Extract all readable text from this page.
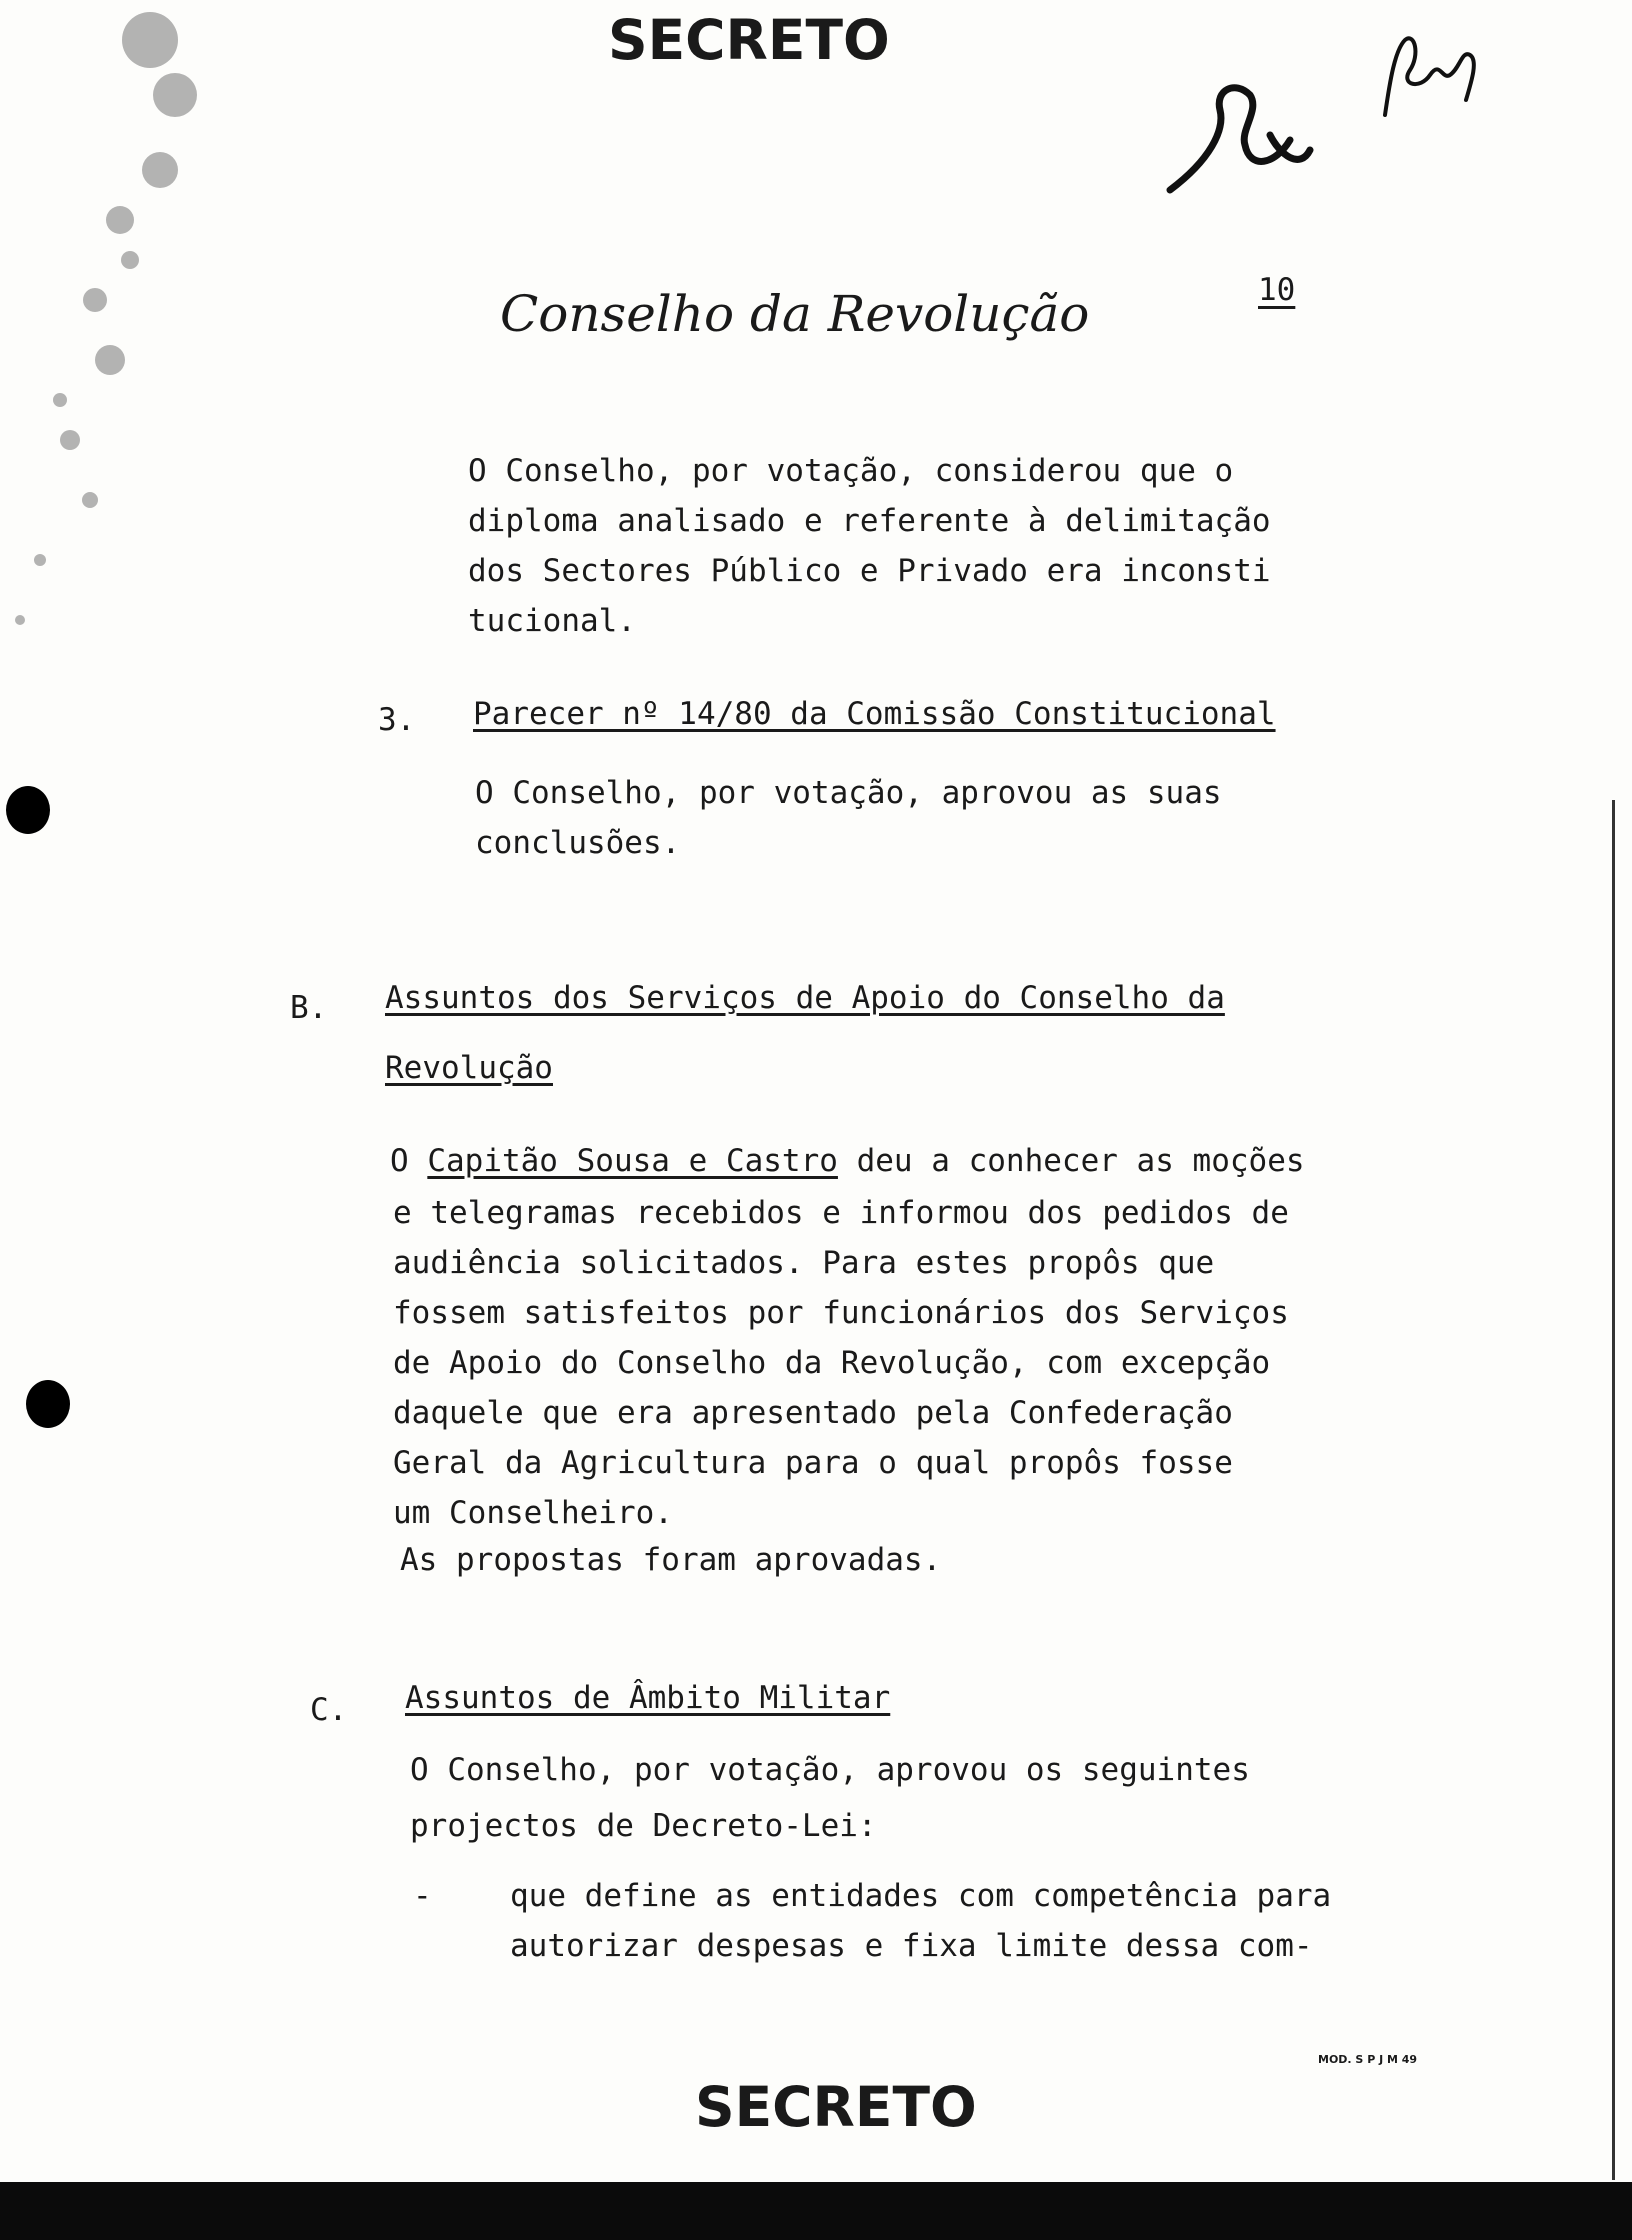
SECRETO
Conselho da Revolução	10
O Conselho, por votação, considerou que o
diploma analisado e referente à delimitação
dos Sectores Público e Privado era inconsti
tucional.
3. Parecer nº 14/80 da Comissão Constitucional
O Conselho, por votação, aprovou as suas
conclusões.
B. Assuntos dos Serviços de Apoio do Conselho da
Revolução
O Capitão Sousa e Castro deu a conhecer as moções
e telegramas recebidos e informou dos pedidos de
audiência solicitados. Para estes propôs que
fossem satisfeitos por funcionários dos Serviços
de Apoio do Conselho da Revolução, com excepção
daquele que era apresentado pela Confederação
Geral da Agricultura para o qual propôs fosse
um Conselheiro.
As propostas foram aprovadas.
C. Assuntos de Âmbito Militar
O Conselho, por votação, aprovou os seguintes
projectos de Decreto-Lei:
-	que define as entidades com competência para
autorizar despesas e fixa limite dessa com-
MOD. S P J M 49
SECRETO
